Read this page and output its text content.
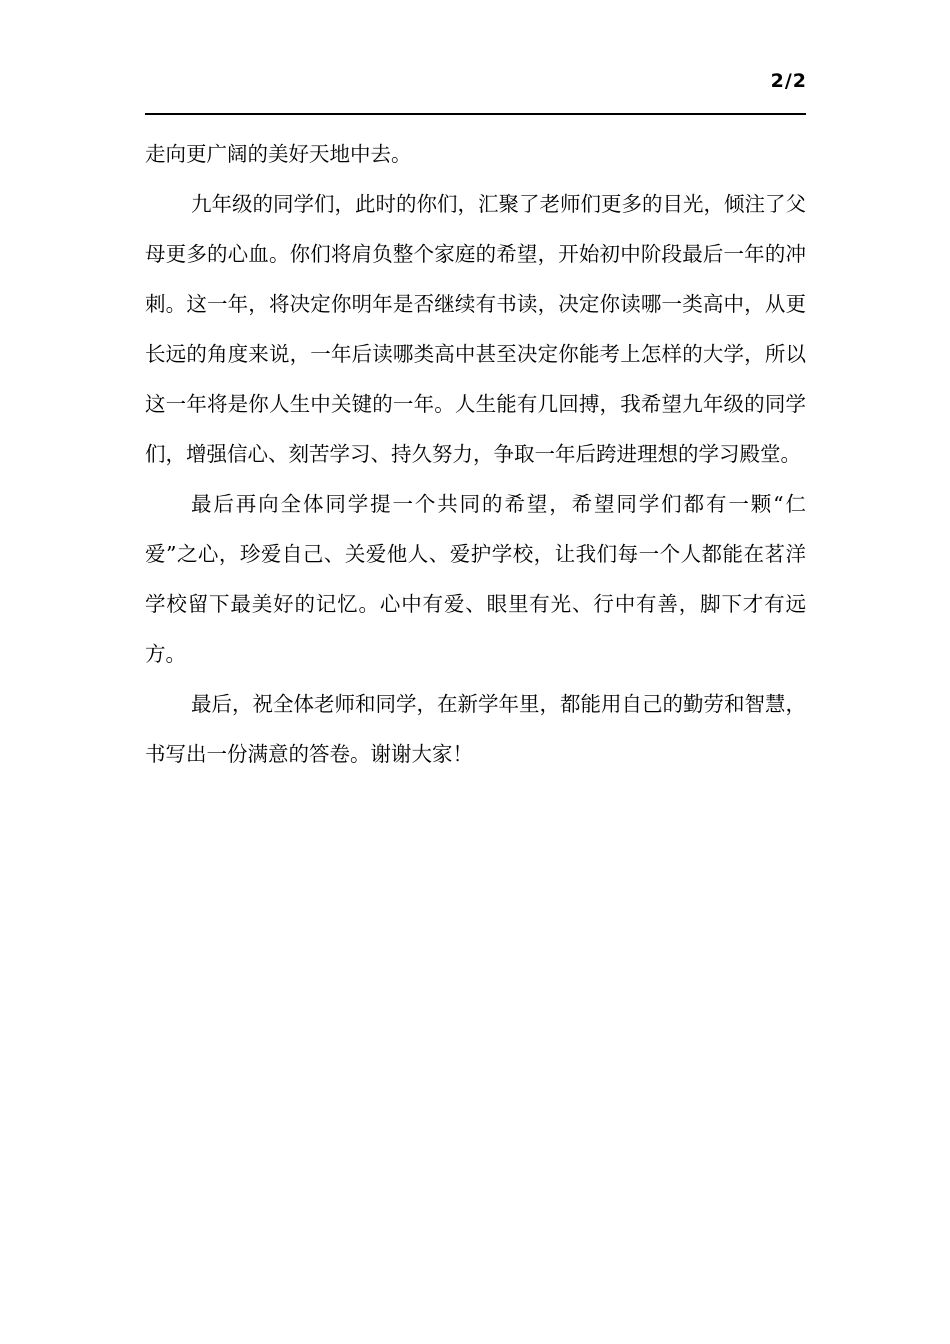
2/2

走向更广阔的美好天地中去。

九年级的同学们，此时的你们，汇聚了老师们更多的目光，倾注了父母更多的心血。你们将肩负整个家庭的希望，开始初中阶段最后一年的冲刺。这一年，将决定你明年是否继续有书读，决定你读哪一类高中，从更长远的角度来说，一年后读哪类高中甚至决定你能考上怎样的大学，所以这一年将是你人生中关键的一年。人生能有几回搏，我希望九年级的同学们，增强信心、刻苦学习、持久努力，争取一年后跨进理想的学习殿堂。

最后再向全体同学提一个共同的希望，希望同学们都有一颗“仁爱”之心，珍爱自己、关爱他人、爱护学校，让我们每一个人都能在茗洋学校留下最美好的记忆。心中有爱、眼里有光、行中有善，脚下才有远方。

最后，祝全体老师和同学，在新学年里，都能用自己的勤劳和智慧，书写出一份满意的答卷。谢谢大家！
